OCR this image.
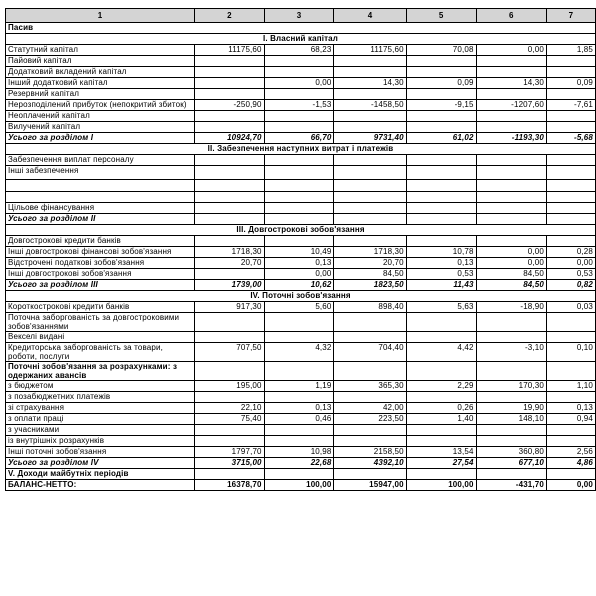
1	2	3	4	5	6	7
Пасив						
I. Власний капітал						
Статутний капітал	11175,60	68,23	11175,60	70,08	0,00	1,85
Пайовий капітал						
Додатковий вкладений капітал						
Інший додатковий капітал		0,00	14,30	0,09	14,30	0,09
Резервний капітал						
Нерозподілений прибуток (непокритий збиток)	-250,90	-1,53	-1458,50	-9,15	-1207,60	-7,61
Неоплачений капітал						
Вилучений капітал						
Усього за розділом І	10924,70	66,70	9731,40	61,02	-1193,30	-5,68
II. Забезпечення наступних витрат і платежів						
Забезпечення виплат персоналу						
Інші забезпечення						

Цільове фінансування						
Усього за розділом ІІ						
III. Довгострокові зобов'язання						
Довгострокові кредити банків						
Інші довгострокові фінансові зобов'язання	1718,30	10,49	1718,30	10,78	0,00	0,28
Відстрочені податкові зобов'язання	20,70	0,13	20,70	0,13	0,00	0,00
Інші довгострокові зобов'язання		0,00	84,50	0,53	84,50	0,53
Усього за розділом ІІІ	1739,00	10,62	1823,50	11,43	84,50	0,82
IV. Поточні зобов'язання						
Короткострокові кредити банків	917,30	5,60	898,40	5,63	-18,90	0,03
Поточна заборгованість за довгостроковими зобов'язаннями						
Векселі видані						
Кредиторська заборгованість за товари, роботи, послуги	707,50	4,32	704,40	4,42	-3,10	0,10
Поточні зобов'язання за розрахунками: з одержаних авансів						
з бюджетом	195,00	1,19	365,30	2,29	170,30	1,10
з позабюджетних платежів						
зі страхування	22,10	0,13	42,00	0,26	19,90	0,13
з оплати праці	75,40	0,46	223,50	1,40	148,10	0,94
з учасниками						
із внутрішніх розрахунків						
Інші поточні зобов'язання	1797,70	10,98	2158,50	13,54	360,80	2,56
Усього за розділом IV	3715,00	22,68	4392,10	27,54	677,10	4,86
V. Доходи майбутніх періодів						
БАЛАНС-НЕТТО:	16378,70	100,00	15947,00	100,00	-431,70	0,00
